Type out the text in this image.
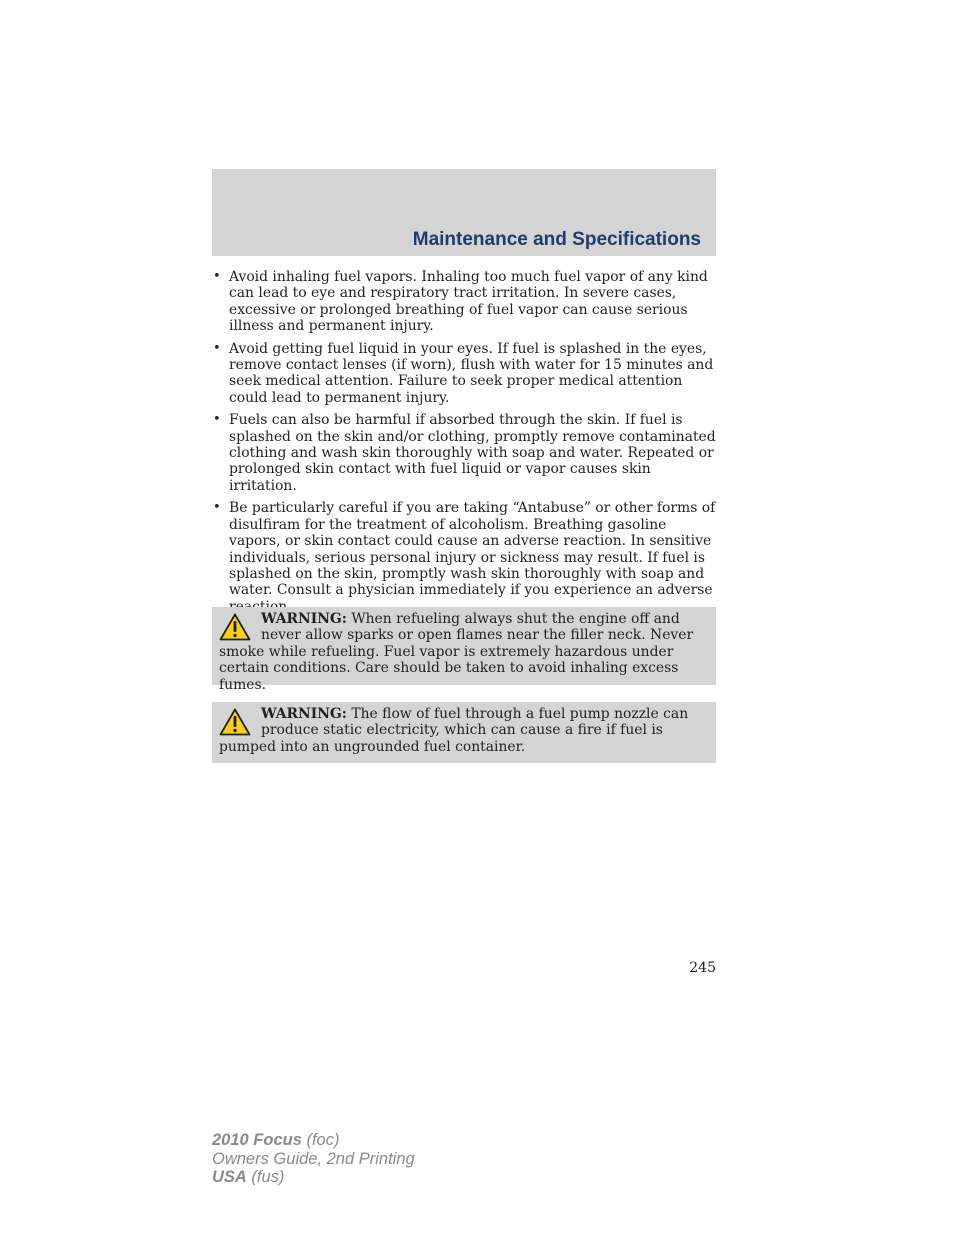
Maintenance and Specifications
• Avoid inhaling fuel vapors. Inhaling too much fuel vapor of any kind can lead to eye and respiratory tract irritation. In severe cases, excessive or prolonged breathing of fuel vapor can cause serious illness and permanent injury.
• Avoid getting fuel liquid in your eyes. If fuel is splashed in the eyes, remove contact lenses (if worn), flush with water for 15 minutes and seek medical attention. Failure to seek proper medical attention could lead to permanent injury.
• Fuels can also be harmful if absorbed through the skin. If fuel is splashed on the skin and/or clothing, promptly remove contaminated clothing and wash skin thoroughly with soap and water. Repeated or prolonged skin contact with fuel liquid or vapor causes skin irritation.
• Be particularly careful if you are taking “Antabuse” or other forms of disulfiram for the treatment of alcoholism. Breathing gasoline vapors, or skin contact could cause an adverse reaction. In sensitive individuals, serious personal injury or sickness may result. If fuel is splashed on the skin, promptly wash skin thoroughly with soap and water. Consult a physician immediately if you experience an adverse
WARNING: When refueling always shut the engine off and never allow sparks or open flames near the filler neck. Never smoke while refueling. Fuel vapor is extremely hazardous under certain conditions. Care should be taken to avoid inhaling excess fumes.
WARNING: The flow of fuel through a fuel pump nozzle can produce static electricity, which can cause a fire if fuel is pumped into an ungrounded fuel container.
245
2010 Focus (foc)
Owners Guide, 2nd Printing
USA (fus)
